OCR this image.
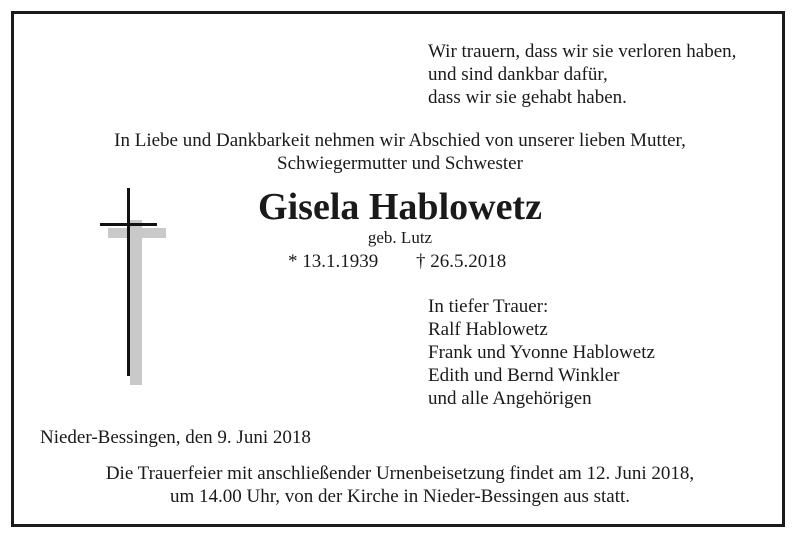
Wir trauern, dass wir sie verloren haben,
und sind dankbar dafür,
dass wir sie gehabt haben.
In Liebe und Dankbarkeit nehmen wir Abschied von unserer lieben Mutter,
Schwiegermutter und Schwester
Gisela Hablowetz
geb. Lutz
* 13.1.1939 † 26.5.2018
In tiefer Trauer:
Ralf Hablowetz
Frank und Yvonne Hablowetz
Edith und Bernd Winkler
und alle Angehörigen
Nieder-Bessingen, den 9. Juni 2018
Die Trauerfeier mit anschließender Urnenbeisetzung findet am 12. Juni 2018,
um 14.00 Uhr, von der Kirche in Nieder-Bessingen aus statt.
